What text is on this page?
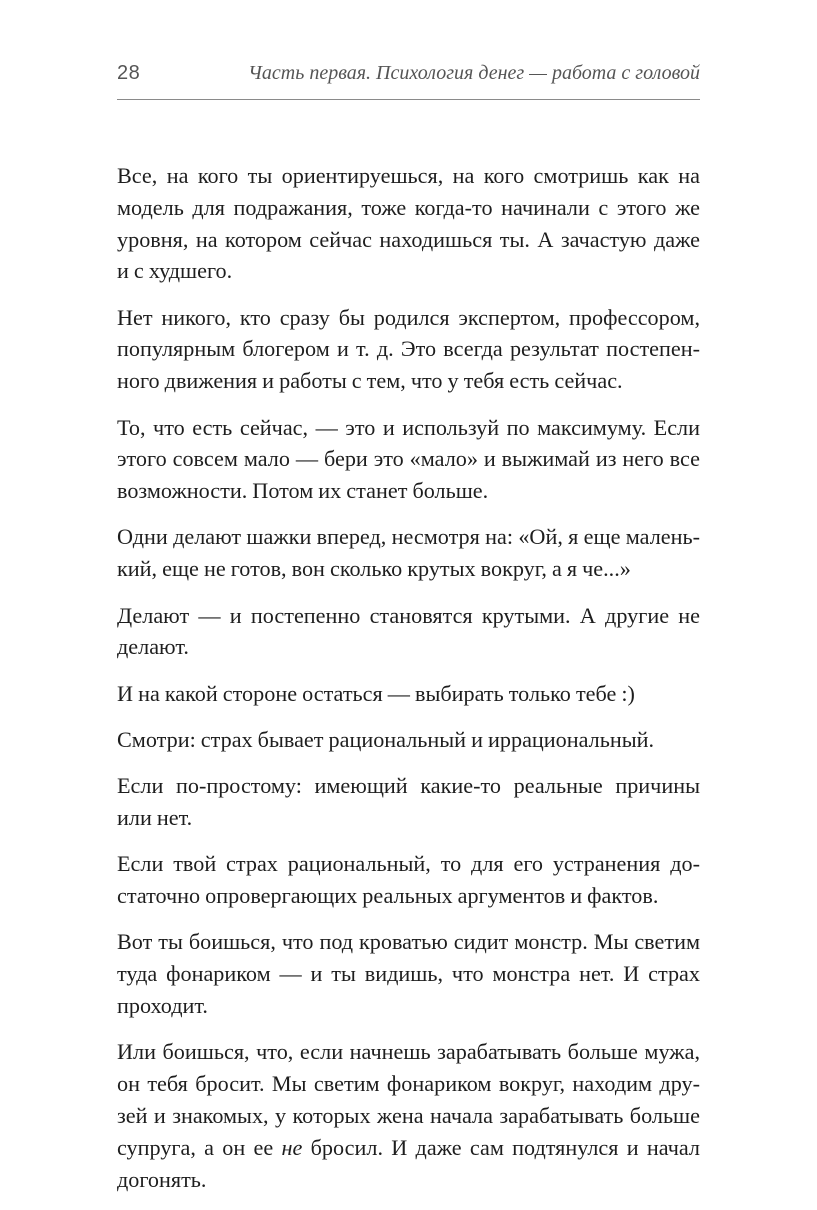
28	Часть первая. Психология денег — работа с головой

Все, на кого ты ориентируешься, на кого смотришь как на
модель для подражания, тоже когда-то начинали с этого же
уровня, на котором сейчас находишься ты. А зачастую даже
и с худшего.

Нет никого, кто сразу бы родился экспертом, профессором,
популярным блогером и т. д. Это всегда результат постепен-
ного движения и работы с тем, что у тебя есть сейчас.

То, что есть сейчас, — это и используй по максимуму. Если
этого совсем мало — бери это «мало» и выжимай из него все
возможности. Потом их станет больше.

Одни делают шажки вперед, несмотря на: «Ой, я еще малень-
кий, еще не готов, вон сколько крутых вокруг, а я че...»

Делают — и постепенно становятся крутыми. А другие не
делают.

И на какой стороне остаться — выбирать только тебе :)

Смотри: страх бывает рациональный и иррациональный.

Если по-простому: имеющий какие-то реальные причины
или нет.

Если твой страх рациональный, то для его устранения до-
статочно опровергающих реальных аргументов и фактов.

Вот ты боишься, что под кроватью сидит монстр. Мы светим
туда фонариком — и ты видишь, что монстра нет. И страх
проходит.

Или боишься, что, если начнешь зарабатывать больше мужа,
он тебя бросит. Мы светим фонариком вокруг, находим дру-
зей и знакомых, у которых жена начала зарабатывать больше
супруга, а он ее не бросил. И даже сам подтянулся и начал
догонять.
